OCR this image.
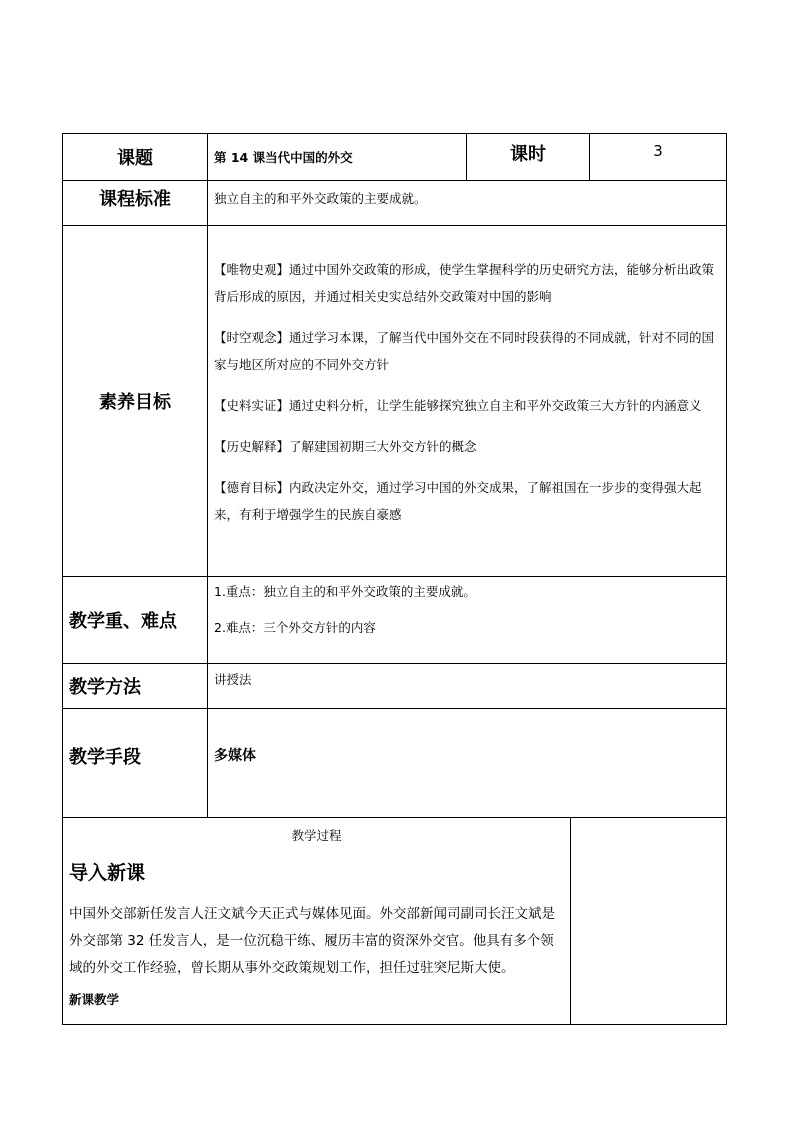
课题	第 14 课当代中国的外交	课时		3
课程标准	独立自主的和平外交政策的主要成就。			
素养目标	【唯物史观】通过中国外交政策的形成，使学生掌握科学的历史研究方法，能够分析出政策背后形成的原因，并通过相关史实总结外交政策对中国的影响

【时空观念】通过学习本课，了解当代中国外交在不同时段获得的不同成就，针对不同的国家与地区所对应的不同外交方针

【史料实证】通过史料分析，让学生能够探究独立自主和平外交政策三大方针的内涵意义

【历史解释】了解建国初期三大外交方针的概念

【德育目标】内政决定外交，通过学习中国的外交成果，了解祖国在一步步的变得强大起来，有利于增强学生的民族自豪感			

教学重、难点	1.重点：独立自主的和平外交政策的主要成就。

2.难点：三个外交方针的内容			

教学方法	讲授法			
教学手段	多媒体			

教学过程

导入新课

中国外交部新任发言人汪文斌今天正式与媒体见面。外交部新闻司副司长汪文斌是外交部第 32 任发言人，是一位沉稳干练、履历丰富的资深外交官。他具有多个领域的外交工作经验，曾长期从事外交政策规划工作，担任过驻突尼斯大使。

新课教学				
